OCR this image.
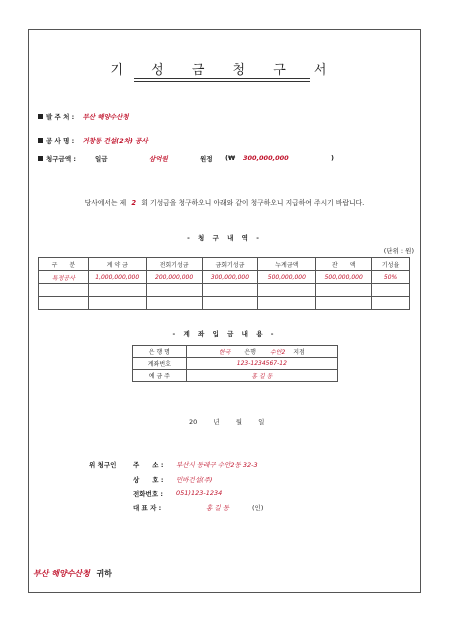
기 성 금 청 구 서
발 주 처 : 부산 해양수산청
공 사 명 : 거창동 건설(2차) 공사
청구금액 :	일금	삼억원	원정 (₩ 300,000,000	)
당사에서는 제 2 회 기성금을 청구하오니 아래와 같이 청구하오니 지급하여 주시기 바랍니다.
- 청 구 내 역 -
(단위 : 원)
구　　분	계 약 금	전회기성금	금회기성금	누계금액	잔　　액	기성율
특정공사	1,000,000,000	200,000,000	300,000,000	500,000,000	500,000,000	50%

- 계 좌 입 금 내 용 -
은 행 명	한국 은행 수안2 지점
계좌번호	123-1234567-12
예 금 주	홍 길 동
20 년 월 일
위 청구인	주　　소 : 부산시 동래구 수안2동 32-3
상　　호 : 민바건설(주)
전화번호 : 051)123-1234
대 표 자 :	홍 길 동	(인)
부산 해양수산청 귀하
